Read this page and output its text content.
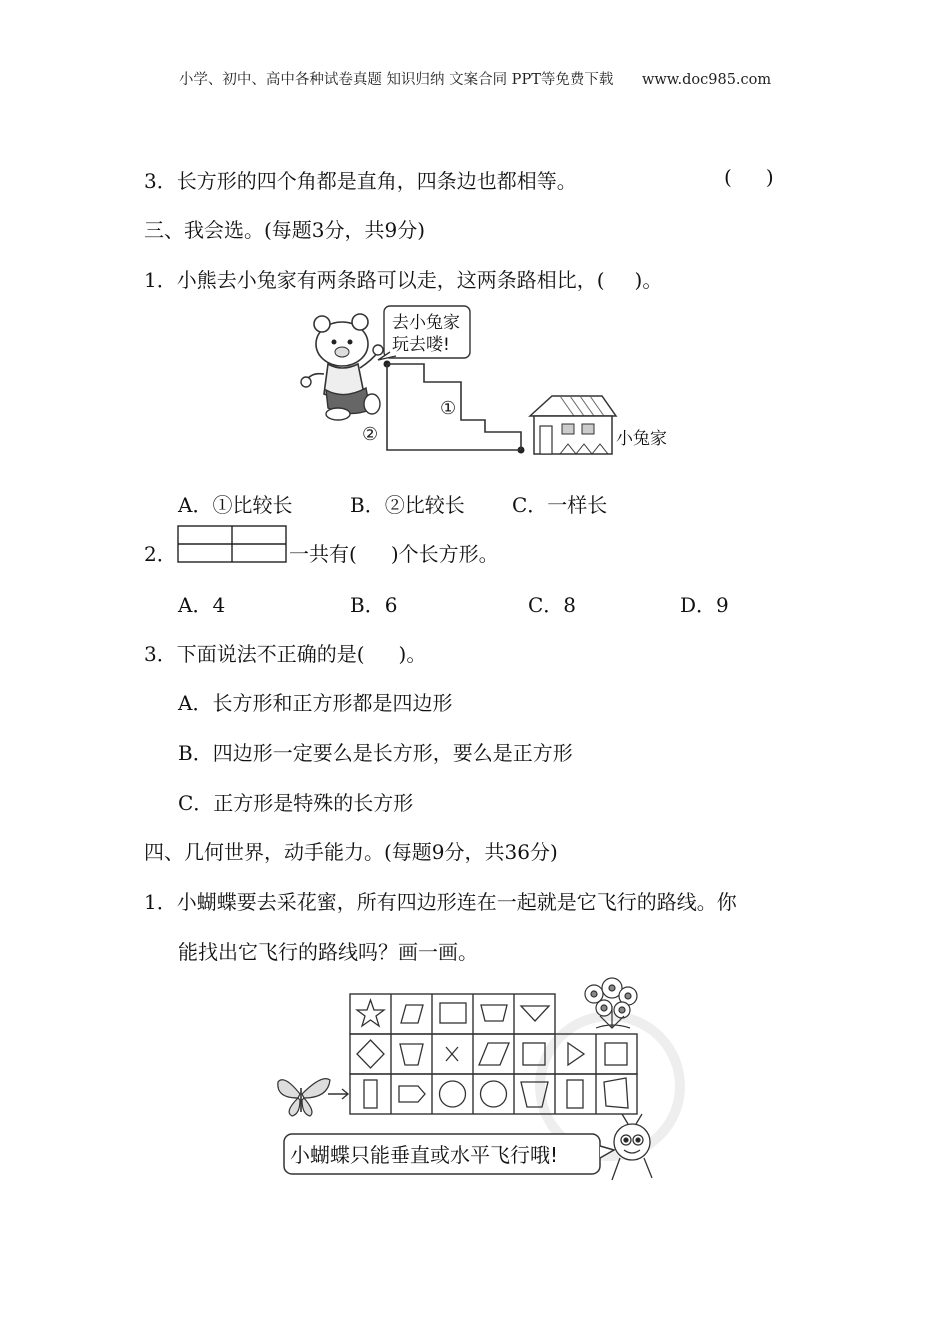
小学、初中、高中各种试卷真题 知识归纳 文案合同 PPT等免费下载 www.doc985.com
3．长方形的四个角都是直角，四条边也都相等。	( )
三、我会选。(每题3分，共9分)
1．小熊去小兔家有两条路可以走，这两条路相比，( )。
去小兔家
玩去喽!
①
②	小兔家
A．①比较长	B．②比较长 C．一样长
2．	一共有( )个长方形。
A．4	B．6	C．8	D．9
3．下面说法不正确的是( )。
A．长方形和正方形都是四边形
B．四边形一定要么是长方形，要么是正方形
C．正方形是特殊的长方形
四、几何世界，动手能力。(每题9分，共36分)
1．小蝴蝶要去采花蜜，所有四边形连在一起就是它飞行的路线。你
能找出它飞行的路线吗？画一画。
小蝴蝶只能垂直或水平飞行哦!
